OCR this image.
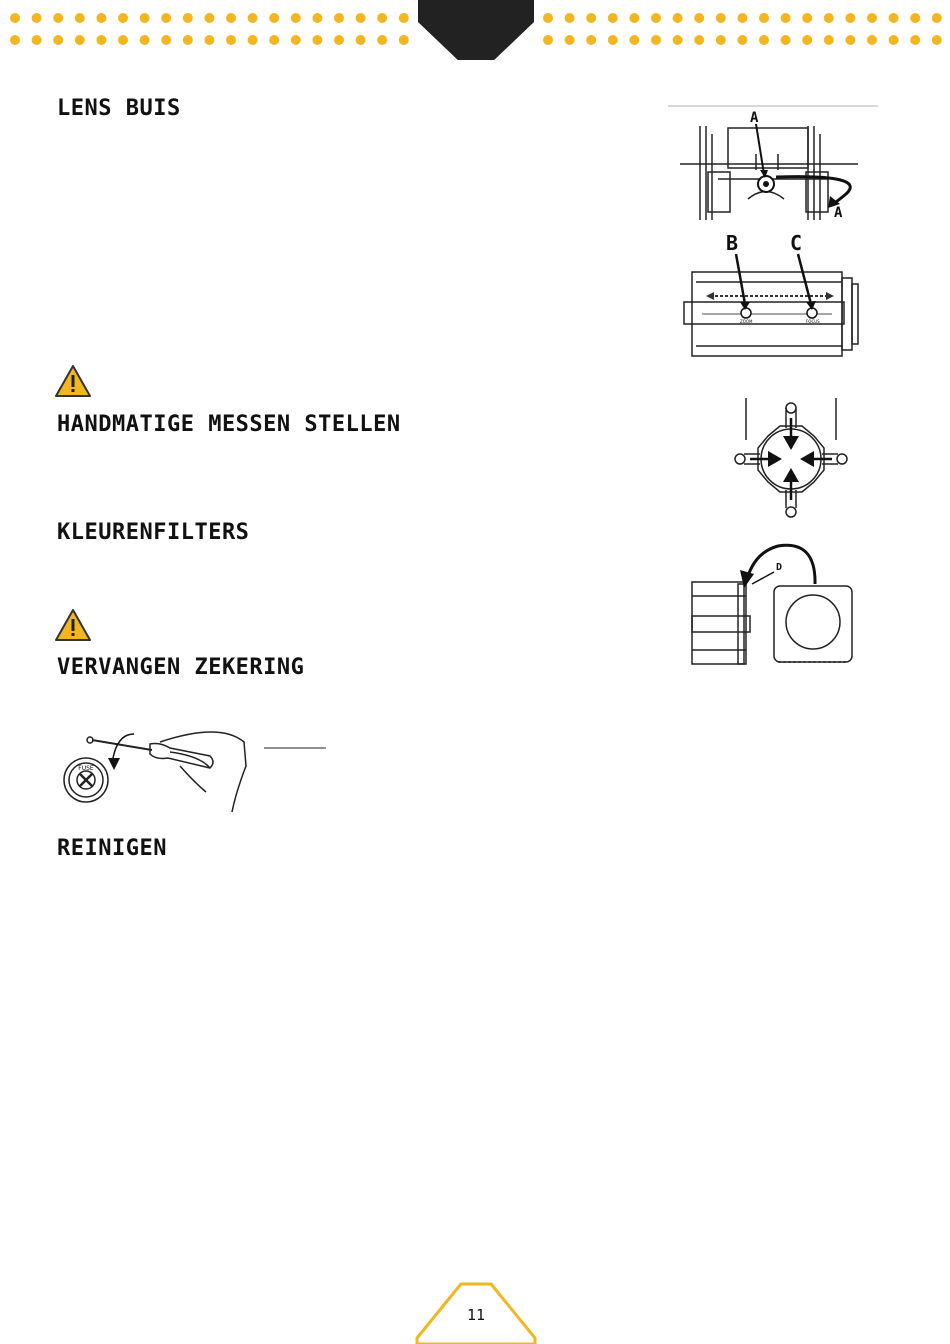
LENS BUIS
HANDMATIGE MESSEN STELLEN
KLEURENFILTERS
VERVANGEN ZEKERING
REINIGEN
A
A
B	C
ZOOM	FOCUS
D
FUSE
11
